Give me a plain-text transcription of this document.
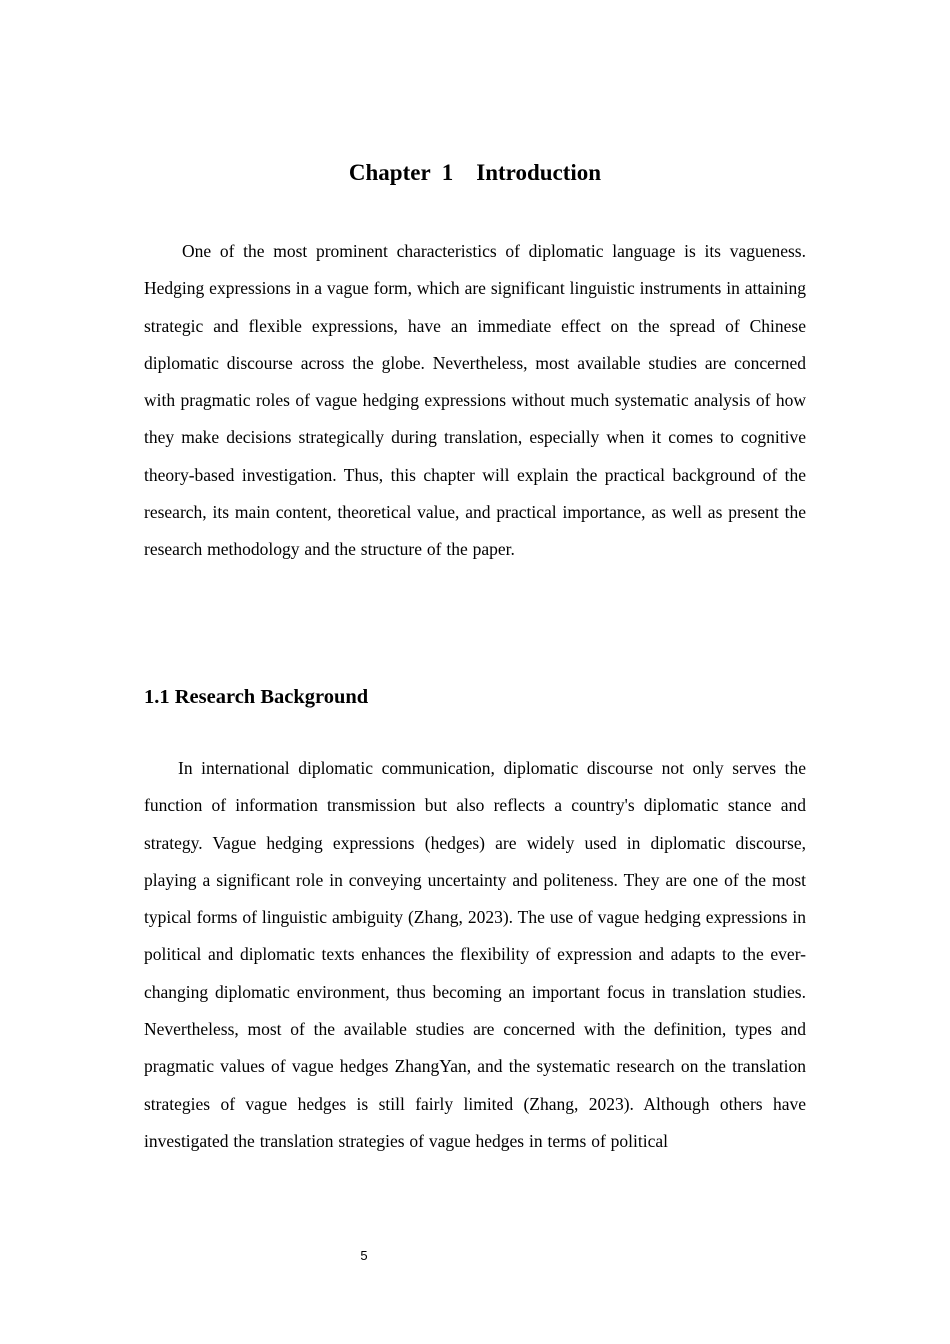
Chapter  1    Introduction

One of the most prominent characteristics of diplomatic language is its vagueness. Hedging expressions in a vague form, which are significant linguistic instruments in attaining strategic and flexible expressions, have an immediate effect on the spread of Chinese diplomatic discourse across the globe. Nevertheless, most available studies are concerned with pragmatic roles of vague hedging expressions without much systematic analysis of how they make decisions strategically during translation, especially when it comes to cognitive theory-based investigation. Thus, this chapter will explain the practical background of the research, its main content, theoretical value, and practical importance, as well as present the research methodology and the structure of the paper.

1.1 Research Background

In international diplomatic communication, diplomatic discourse not only serves the function of information transmission but also reflects a country's diplomatic stance and strategy. Vague hedging expressions (hedges) are widely used in diplomatic discourse, playing a significant role in conveying uncertainty and politeness. They are one of the most typical forms of linguistic ambiguity (Zhang, 2023). The use of vague hedging expressions in political and diplomatic texts enhances the flexibility of expression and adapts to the ever-changing diplomatic environment, thus becoming an important focus in translation studies. Nevertheless, most of the available studies are concerned with the definition, types and pragmatic values of vague hedges ZhangYan, and the systematic research on the translation strategies of vague hedges is still fairly limited (Zhang, 2023). Although others have investigated the translation strategies of vague hedges in terms of political

5
